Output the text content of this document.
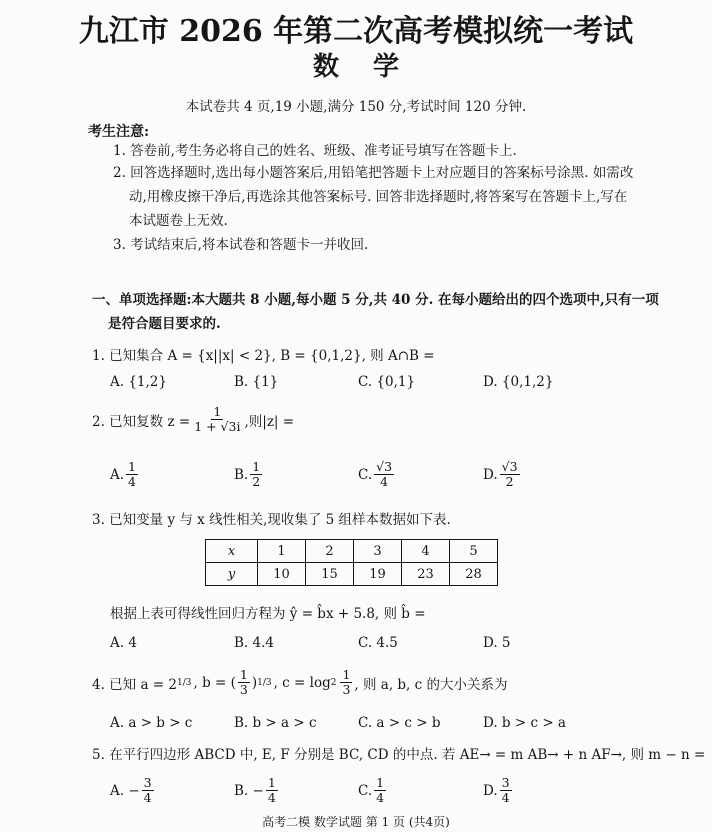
九江市 2026 年第二次高考模拟统一考试
数学
本试卷共 4 页,19 小题,满分 150 分,考试时间 120 分钟.
考生注意:
1. 答卷前,考生务必将自己的姓名、班级、准考证号填写在答题卡上.
2. 回答选择题时,选出每小题答案后,用铅笔把答题卡上对应题目的答案标号涂黑. 如需改
动,用橡皮擦干净后,再选涂其他答案标号. 回答非选择题时,将答案写在答题卡上,写在
本试题卷上无效.
3. 考试结束后,将本试卷和答题卡一并收回.
一、单项选择题:本大题共 8 小题,每小题 5 分,共 40 分. 在每小题给出的四个选项中,只有一项
是符合题目要求的.
1. 已知集合 A = {x||x| < 2}, B = {0,1,2}, 则 A∩B =
A. {1,2}	B. {1}	C. {0,1}	D. {0,1,2}
2. 已知复数 $z = \frac{1}{1 + √3i}$ ,则|z| =
A. $\frac{1}{4}$	B. $\frac{1}{2}$	C. $\frac{√3}{4}$	D. $\frac{√3}{2}$
3. 已知变量 y 与 x 线性相关,现收集了 5 组样本数据如下表.
x	1	2	3	4	5
y	10	15	19	23	28
根据上表可得线性回归方程为 ŷ = b̂x + 5.8, 则 b̂ =
A. 4	B. 4.4	C. 4.5	D. 5
4. 已知 a = 2 1/3 , b = ( $\frac{1}{3}$ ) 1/3 , $c = \log 2 \frac{1}{3}$ , 则 a, b, c 的大小关系为
A. a > b > c	B. b > a > c	C. a > c > b	D. b > c > a
5. 在平行四边形 ABCD 中, E, F 分别是 BC, CD 的中点. 若 AE→ = m AB→ + n AF→, 则 m − n =
A. − $\frac{3}{4}$	B. − $\frac{1}{4}$	C. $\frac{1}{4}$	D. $\frac{3}{4}$
高考二模 数学试题 第 1 页 (共4页)
